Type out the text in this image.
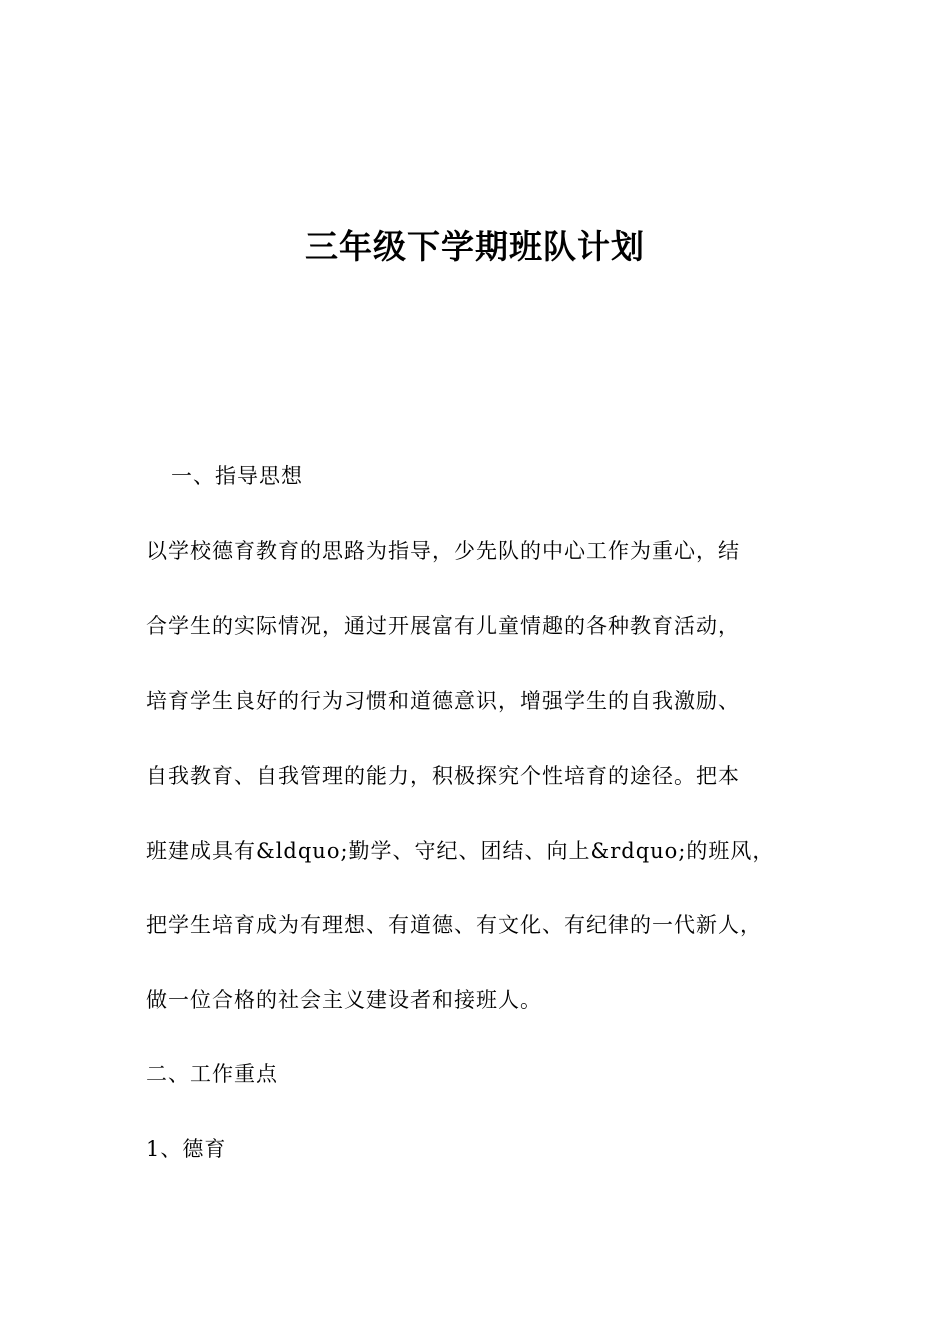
三年级下学期班队计划

一、指导思想

以学校德育教育的思路为指导，少先队的中心工作为重心，结

合学生的实际情况，通过开展富有儿童情趣的各种教育活动，

培育学生良好的行为习惯和道德意识，增强学生的自我激励、

自我教育、自我管理的能力，积极探究个性培育的途径。把本

班建成具有&ldquo;勤学、守纪、团结、向上&rdquo;的班风，

把学生培育成为有理想、有道德、有文化、有纪律的一代新人，

做一位合格的社会主义建设者和接班人。

二、工作重点

1、德育
